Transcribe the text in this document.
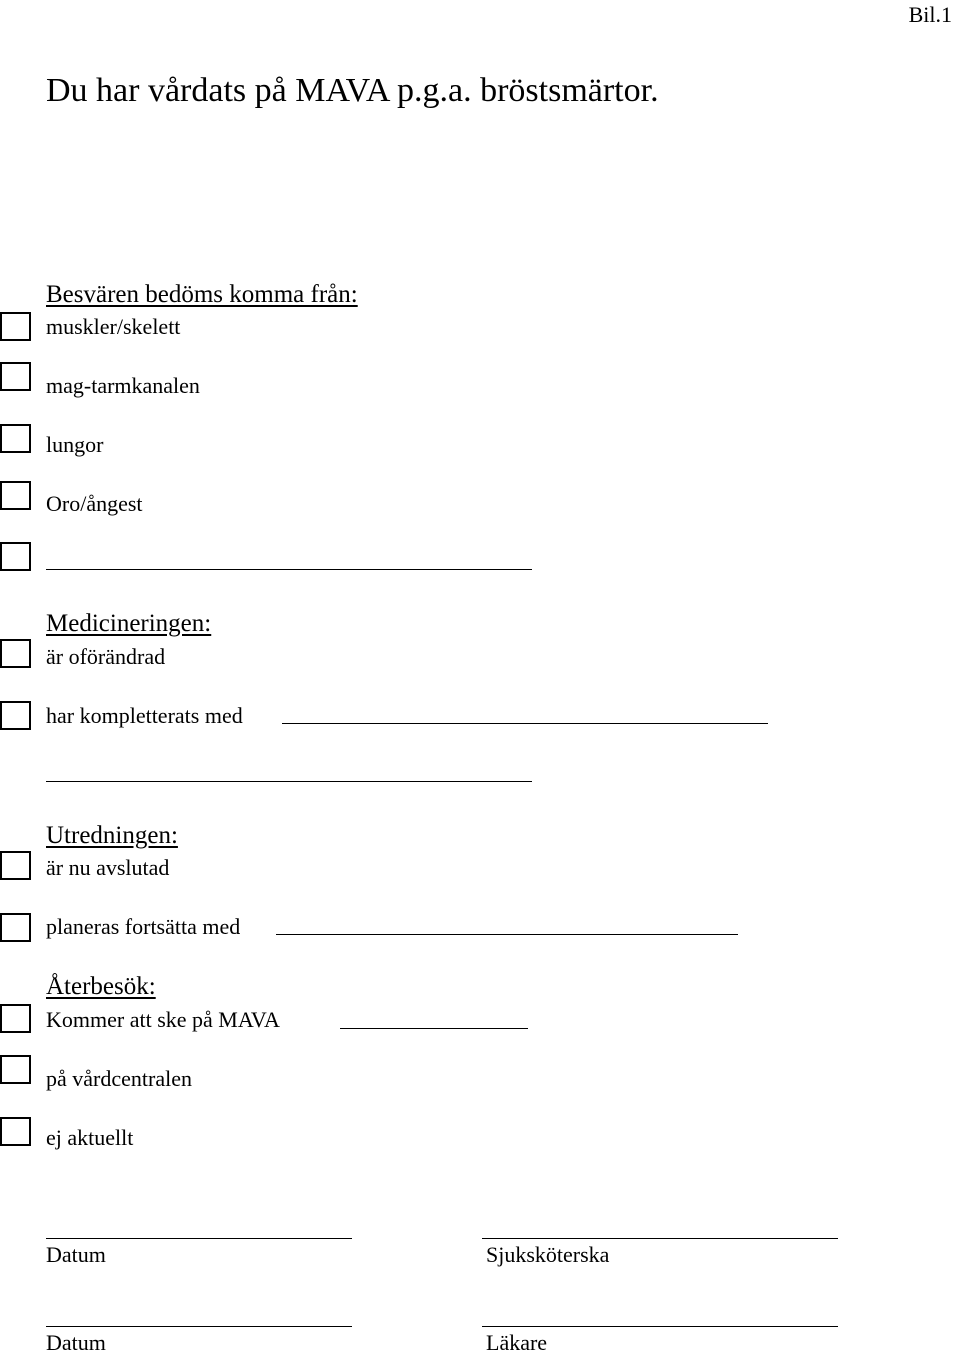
Bil.1
Du har vårdats på MAVA p.g.a. bröstsmärtor.
Besvären bedöms komma från:
muskler/skelett
mag-tarmkanalen
lungor
Oro/ångest
Medicineringen:
är oförändrad
har kompletterats med
Utredningen:
är nu avslutad
planeras fortsätta med
Återbesök:
Kommer att ske på MAVA
på vårdcentralen
ej aktuellt
Datum	Sjuksköterska
Datum	Läkare
